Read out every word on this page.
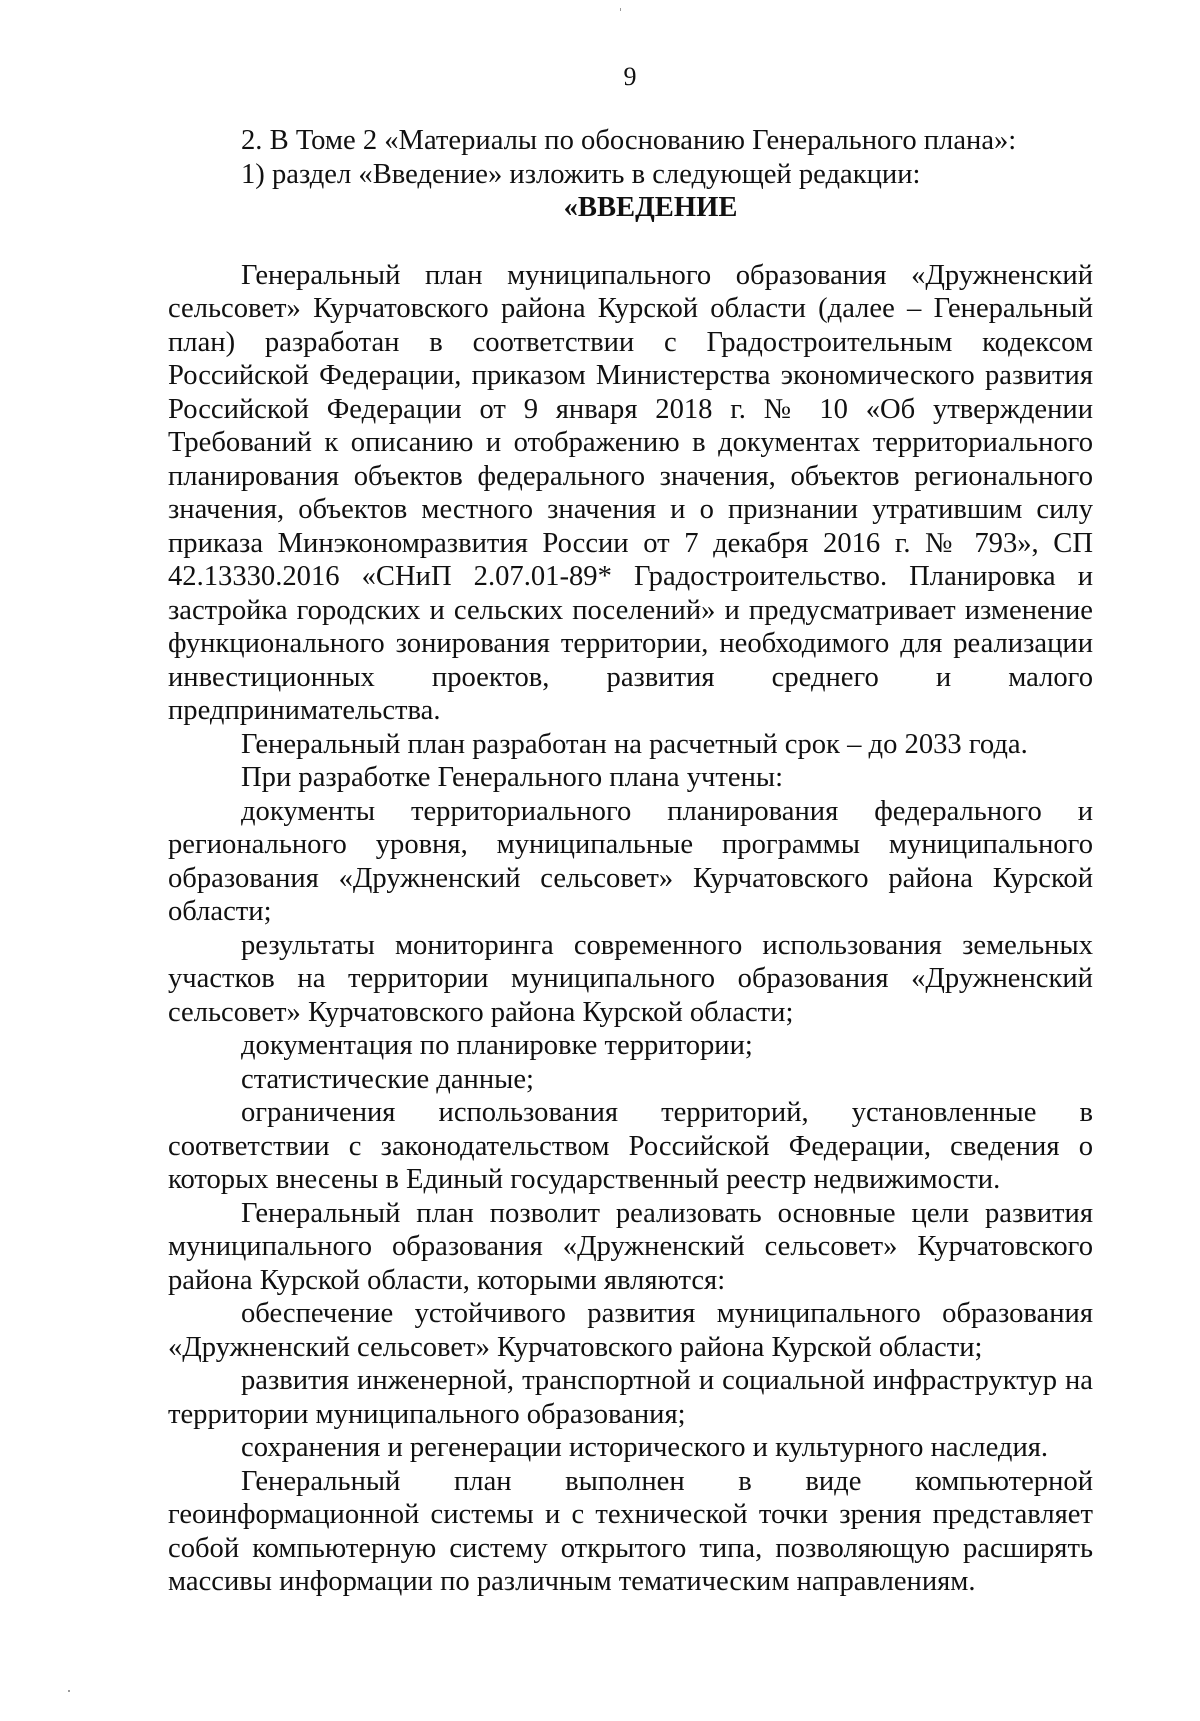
9

2. В Томе 2 «Материалы по обоснованию Генерального плана»:

1) раздел «Введение» изложить в следующей редакции:

«ВВЕДЕНИЕ

Генеральный план муниципального образования «Дружненский сельсовет» Курчатовского района Курской области (далее – Генеральный план) разработан в соответствии с Градостроительным кодексом Российской Федерации, приказом Министерства экономического развития Российской Федерации от 9 января 2018 г. № 10 «Об утверждении Требований к описанию и отображению в документах территориального планирования объектов федерального значения, объектов регионального значения, объектов местного значения и о признании утратившим силу приказа Минэкономразвития России от 7 декабря 2016 г. № 793», СП 42.13330.2016 «СНиП 2.07.01-89* Градостроительство. Планировка и застройка городских и сельских поселений» и предусматривает изменение функционального зонирования территории, необходимого для реализации инвестиционных проектов, развития среднего и малого предпринимательства.

Генеральный план разработан на расчетный срок – до 2033 года.

При разработке Генерального плана учтены:

документы территориального планирования федерального и регионального уровня, муниципальные программы муниципального образования «Дружненский сельсовет» Курчатовского района Курской области;

результаты мониторинга современного использования земельных участков на территории муниципального образования «Дружненский сельсовет» Курчатовского района Курской области;

документация по планировке территории;

статистические данные;

ограничения использования территорий, установленные в соответствии с законодательством Российской Федерации, сведения о которых внесены в Единый государственный реестр недвижимости.

Генеральный план позволит реализовать основные цели развития муниципального образования «Дружненский сельсовет» Курчатовского района Курской области, которыми являются:

обеспечение устойчивого развития муниципального образования «Дружненский сельсовет» Курчатовского района Курской области;

развития инженерной, транспортной и социальной инфраструктур на территории муниципального образования;

сохранения и регенерации исторического и культурного наследия.

Генеральный план выполнен в виде компьютерной геоинформационной системы и с технической точки зрения представляет собой компьютерную систему открытого типа, позволяющую расширять массивы информации по различным тематическим направлениям.
